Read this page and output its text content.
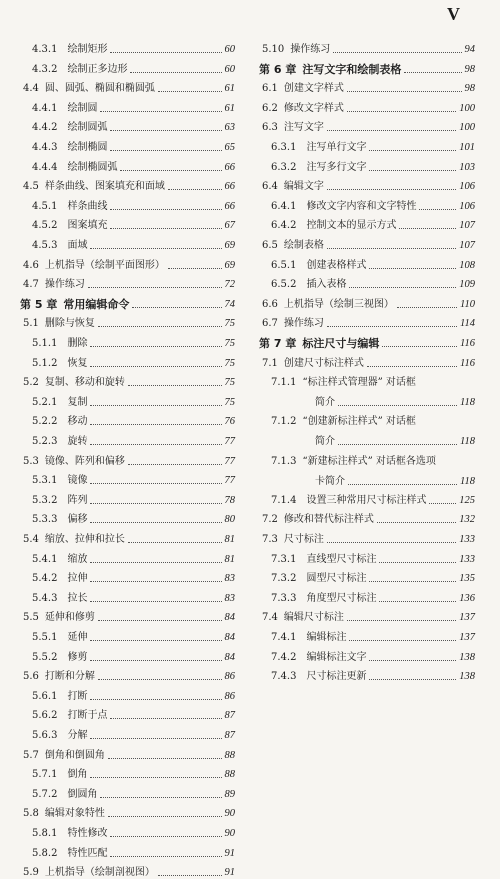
V
4.3.1 绘制矩形	60
4.3.2 绘制正多边形	60
4.4 圆、圆弧、椭圆和椭圆弧	61
4.4.1 绘制圆	61
4.4.2 绘制圆弧	63
4.4.3 绘制椭圆	65
4.4.4 绘制椭圆弧	66
4.5 样条曲线、图案填充和面域	66
4.5.1 样条曲线	66
4.5.2 图案填充	67
4.5.3 面域	69
4.6 上机指导（绘制平面图形）	69
4.7 操作练习	72
第 5 章 常用编辑命令	74
5.1 删除与恢复	75
5.1.1 删除	75
5.1.2 恢复	75
5.2 复制、移动和旋转	75
5.2.1 复制	75
5.2.2 移动	76
5.2.3 旋转	77
5.3 镜像、阵列和偏移	77
5.3.1 镜像	77
5.3.2 阵列	78
5.3.3 偏移	80
5.4 缩放、拉伸和拉长	81
5.4.1 缩放	81
5.4.2 拉伸	83
5.4.3 拉长	83
5.5 延伸和修剪	84
5.5.1 延伸	84
5.5.2 修剪	84
5.6 打断和分解	86
5.6.1 打断	86
5.6.2 打断于点	87
5.6.3 分解	87
5.7 倒角和倒圆角	88
5.7.1 倒角	88
5.7.2 倒圆角	89
5.8 编辑对象特性	90
5.8.1 特性修改	90
5.8.2 特性匹配	91
5.9 上机指导（绘制剖视图）	91
5.10 操作练习	94
第 6 章 注写文字和绘制表格	98
6.1 创建文字样式	98
6.2 修改文字样式	100
6.3 注写文字	100
6.3.1 注写单行文字	101
6.3.2 注写多行文字	103
6.4 编辑文字	106
6.4.1 修改文字内容和文字特性	106
6.4.2 控制文本的显示方式	107
6.5 绘制表格	107
6.5.1 创建表格样式	108
6.5.2 插入表格	109
6.6 上机指导（绘制三视图）	110
6.7 操作练习	114
第 7 章 标注尺寸与编辑	116
7.1 创建尺寸标注样式	116
7.1.1 “标注样式管理器” 对话框
简介	118
7.1.2 “创建新标注样式” 对话框
简介	118
7.1.3 “新建标注样式” 对话框各选项
卡简介	118
7.1.4 设置三种常用尺寸标注样式	125
7.2 修改和替代标注样式	132
7.3 尺寸标注	133
7.3.1 直线型尺寸标注	133
7.3.2 圆型尺寸标注	135
7.3.3 角度型尺寸标注	136
7.4 编辑尺寸标注	137
7.4.1 编辑标注	137
7.4.2 编辑标注文字	138
7.4.3 尺寸标注更新	138
